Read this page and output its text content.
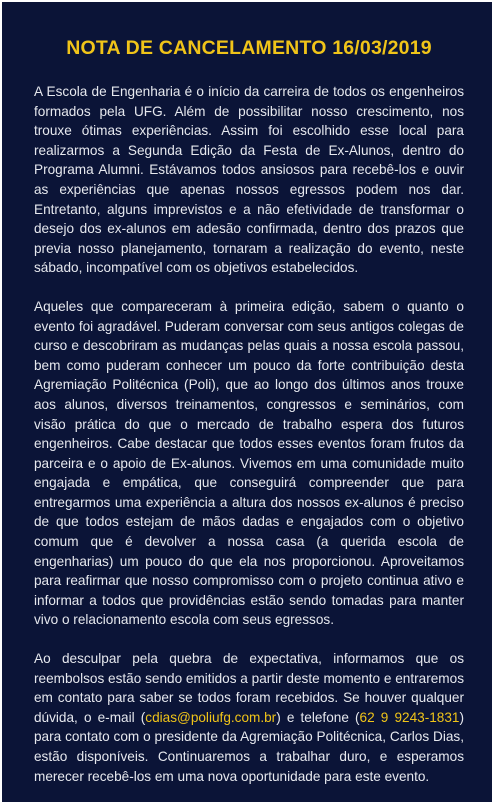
NOTA DE CANCELAMENTO 16/03/2019

A Escola de Engenharia é o início da carreira de todos os engenheiros formados pela UFG. Além de possibilitar nosso crescimento, nos trouxe ótimas experiências. Assim foi escolhido esse local para realizarmos a Segunda Edição da Festa de Ex-Alunos, dentro do Programa Alumni. Estávamos todos ansiosos para recebê-los e ouvir as experiências que apenas nossos egressos podem nos dar. Entretanto, alguns imprevistos e a não efetividade de transformar o desejo dos ex-alunos em adesão confirmada, dentro dos prazos que previa nosso planejamento, tornaram a realização do evento, neste sábado, incompatível com os objetivos estabelecidos.

Aqueles que compareceram à primeira edição, sabem o quanto o evento foi agradável. Puderam conversar com seus antigos colegas de curso e descobriram as mudanças pelas quais a nossa escola passou, bem como puderam conhecer um pouco da forte contribuição desta Agremiação Politécnica (Poli), que ao longo dos últimos anos trouxe aos alunos, diversos treinamentos, congressos e seminários, com visão prática do que o mercado de trabalho espera dos futuros engenheiros. Cabe destacar que todos esses eventos foram frutos da parceira e o apoio de Ex-alunos. Vivemos em uma comunidade muito engajada e empática, que conseguirá compreender que para entregarmos uma experiência a altura dos nossos ex-alunos é preciso de que todos estejam de mãos dadas e engajados com o objetivo comum que é devolver a nossa casa (a querida escola de engenharias) um pouco do que ela nos proporcionou. Aproveitamos para reafirmar que nosso compromisso com o projeto continua ativo e informar a todos que providências estão sendo tomadas para manter vivo o relacionamento escola com seus egressos.

Ao desculpar pela quebra de expectativa, informamos que os reembolsos estão sendo emitidos a partir deste momento e entraremos em contato para saber se todos foram recebidos. Se houver qualquer dúvida, o e-mail (cdias@poliufg.com.br) e telefone (62 9 9243-1831) para contato com o presidente da Agremiação Politécnica, Carlos Dias, estão disponíveis. Continuaremos a trabalhar duro, e esperamos merecer recebê-los em uma nova oportunidade para este evento.
